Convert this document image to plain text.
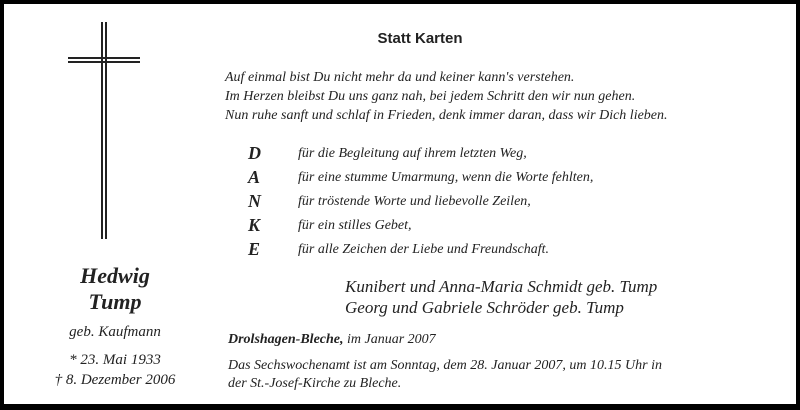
Statt Karten
Auf einmal bist Du nicht mehr da und keiner kann's verstehen.
Im Herzen bleibst Du uns ganz nah, bei jedem Schritt den wir nun gehen.
Nun ruhe sanft und schlaf in Frieden, denk immer daran, dass wir Dich lieben.
D	für die Begleitung auf ihrem letzten Weg,
A	für eine stumme Umarmung, wenn die Worte fehlten,
N	für tröstende Worte und liebevolle Zeilen,
K	für ein stilles Gebet,
E	für alle Zeichen der Liebe und Freundschaft.
Hedwig
Tump
geb. Kaufmann
* 23. Mai 1933
† 8. Dezember 2006
Kunibert und Anna-Maria Schmidt geb. Tump
Georg und Gabriele Schröder geb. Tump
Drolshagen-Bleche, im Januar 2007
Das Sechswochenamt ist am Sonntag, dem 28. Januar 2007, um 10.15 Uhr in
der St.-Josef-Kirche zu Bleche.
